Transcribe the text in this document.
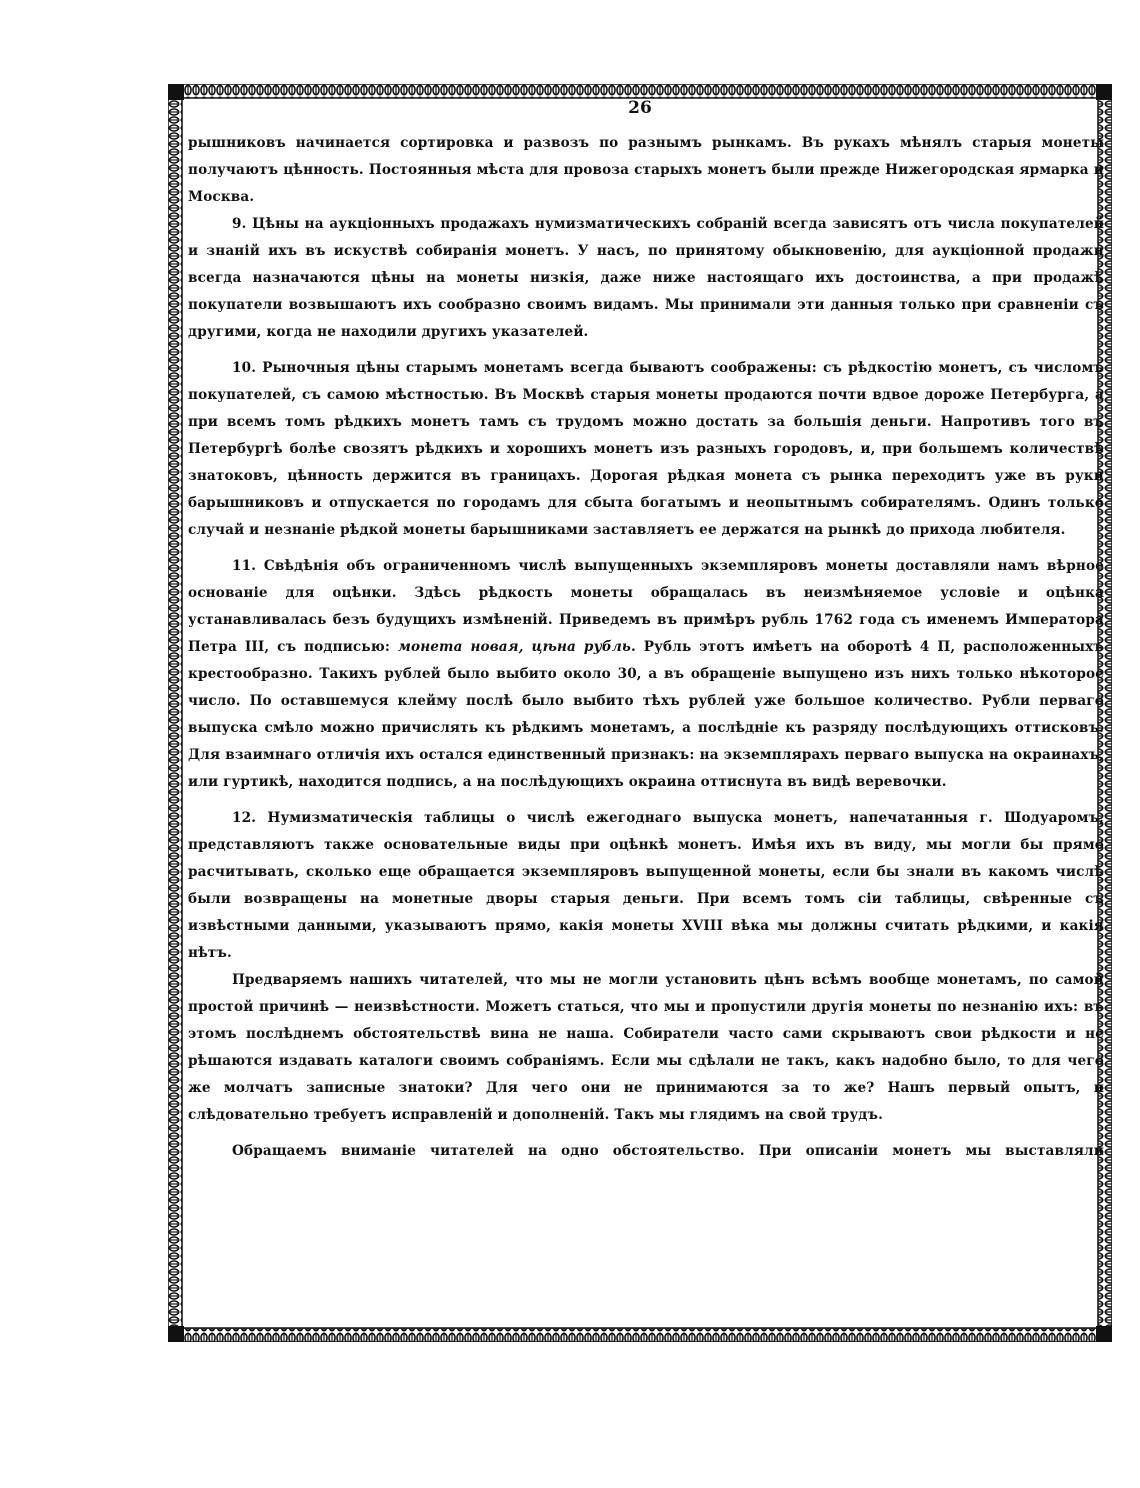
26

рышниковъ начинается сортировка и развозъ по разнымъ рынкамъ. Въ рукахъ мѣнялъ старыя монеты получаютъ цѣнность. Постоянныя мѣста для провоза старыхъ монетъ были прежде Нижегородская ярмарка и Москва.

9. Цѣны на аукціонныхъ продажахъ нумизматическихъ собраній всегда зависятъ отъ числа покупателей и знаній ихъ въ искуствѣ собиранія монетъ. У насъ, по принятому обыкновенію, для аукціонной продажи всегда назначаются цѣны на монеты низкія, даже ниже настоящаго ихъ достоинства, а при продажѣ покупатели возвышаютъ ихъ сообразно своимъ видамъ. Мы принимали эти данныя только при сравненіи съ другими, когда не находили другихъ указателей.

10. Рыночныя цѣны старымъ монетамъ всегда бываютъ соображены: съ рѣдкостію монетъ, съ числомъ покупателей, съ самою мѣстностью. Въ Москвѣ старыя монеты продаются почти вдвое дороже Петербурга, а при всемъ томъ рѣдкихъ монетъ тамъ съ трудомъ можно достать за большія деньги. Напротивъ того въ Петербургѣ болѣе свозятъ рѣдкихъ и хорошихъ монетъ изъ разныхъ городовъ, и, при большемъ количествѣ знатоковъ, цѣнность держится въ границахъ. Дорогая рѣдкая монета съ рынка переходитъ уже въ руки барышниковъ и отпускается по городамъ для сбыта богатымъ и неопытнымъ собирателямъ. Одинъ только случай и незнаніе рѣдкой монеты барышниками заставляетъ ее держатся на рынкѣ до прихода любителя.

11. Свѣдѣнія объ ограниченномъ числѣ выпущенныхъ экземпляровъ монеты доставляли намъ вѣрное основаніе для оцѣнки. Здѣсь рѣдкость монеты обращалась въ неизмѣняемое условіе и оцѣнка устанавливалась безъ будущихъ измѣненій. Приведемъ въ примѣръ рубль 1762 года съ именемъ Императора Петра III, съ подписью: монета новая, цѣна рубль. Рубль этотъ имѣетъ на оборотѣ 4 П, расположенныхъ крестообразно. Такихъ рублей было выбито около 30, а въ обращеніе выпущено изъ нихъ только нѣкоторое число. По оставшемуся клейму послѣ было выбито тѣхъ рублей уже большое количество. Рубли перваго выпуска смѣло можно причислять къ рѣдкимъ монетамъ, а послѣдніе къ разряду послѣдующихъ оттисковъ. Для взаимнаго отличія ихъ остался единственный признакъ: на экземплярахъ перваго выпуска на окраинахъ, или гуртикѣ, находится подпись, а на послѣдующихъ окраина оттиснута въ видѣ веревочки.

12. Нумизматическія таблицы о числѣ ежегоднаго выпуска монетъ, напечатанныя г. Шодуаромъ, представляютъ также основательные виды при оцѣнкѣ монетъ. Имѣя ихъ въ виду, мы могли бы прямо расчитывать, сколько еще обращается экземпляровъ выпущенной монеты, если бы знали въ какомъ числѣ были возвращены на монетные дворы старыя деньги. При всемъ томъ сіи таблицы, свѣренные съ извѣстными данными, указываютъ прямо, какія монеты XVIII вѣка мы должны считать рѣдкими, и какія нѣтъ.

Предваряемъ нашихъ читателей, что мы не могли установить цѣнъ всѣмъ вообще монетамъ, по самой простой причинѣ — неизвѣстности. Можетъ статься, что мы и пропустили другія монеты по незнанію ихъ: въ этомъ послѣднемъ обстоятельствѣ вина не наша. Собиратели часто сами скрываютъ свои рѣдкости и не рѣшаются издавать каталоги своимъ собраніямъ. Если мы сдѣлали не такъ, какъ надобно было, то для чего же молчатъ записные знатоки? Для чего они не принимаются за то же? Нашъ первый опытъ, и слѣдовательно требуетъ исправленій и дополненій. Такъ мы глядимъ на свой трудъ.

Обращаемъ вниманіе читателей на одно обстоятельство. При описаніи монетъ мы выставляли
